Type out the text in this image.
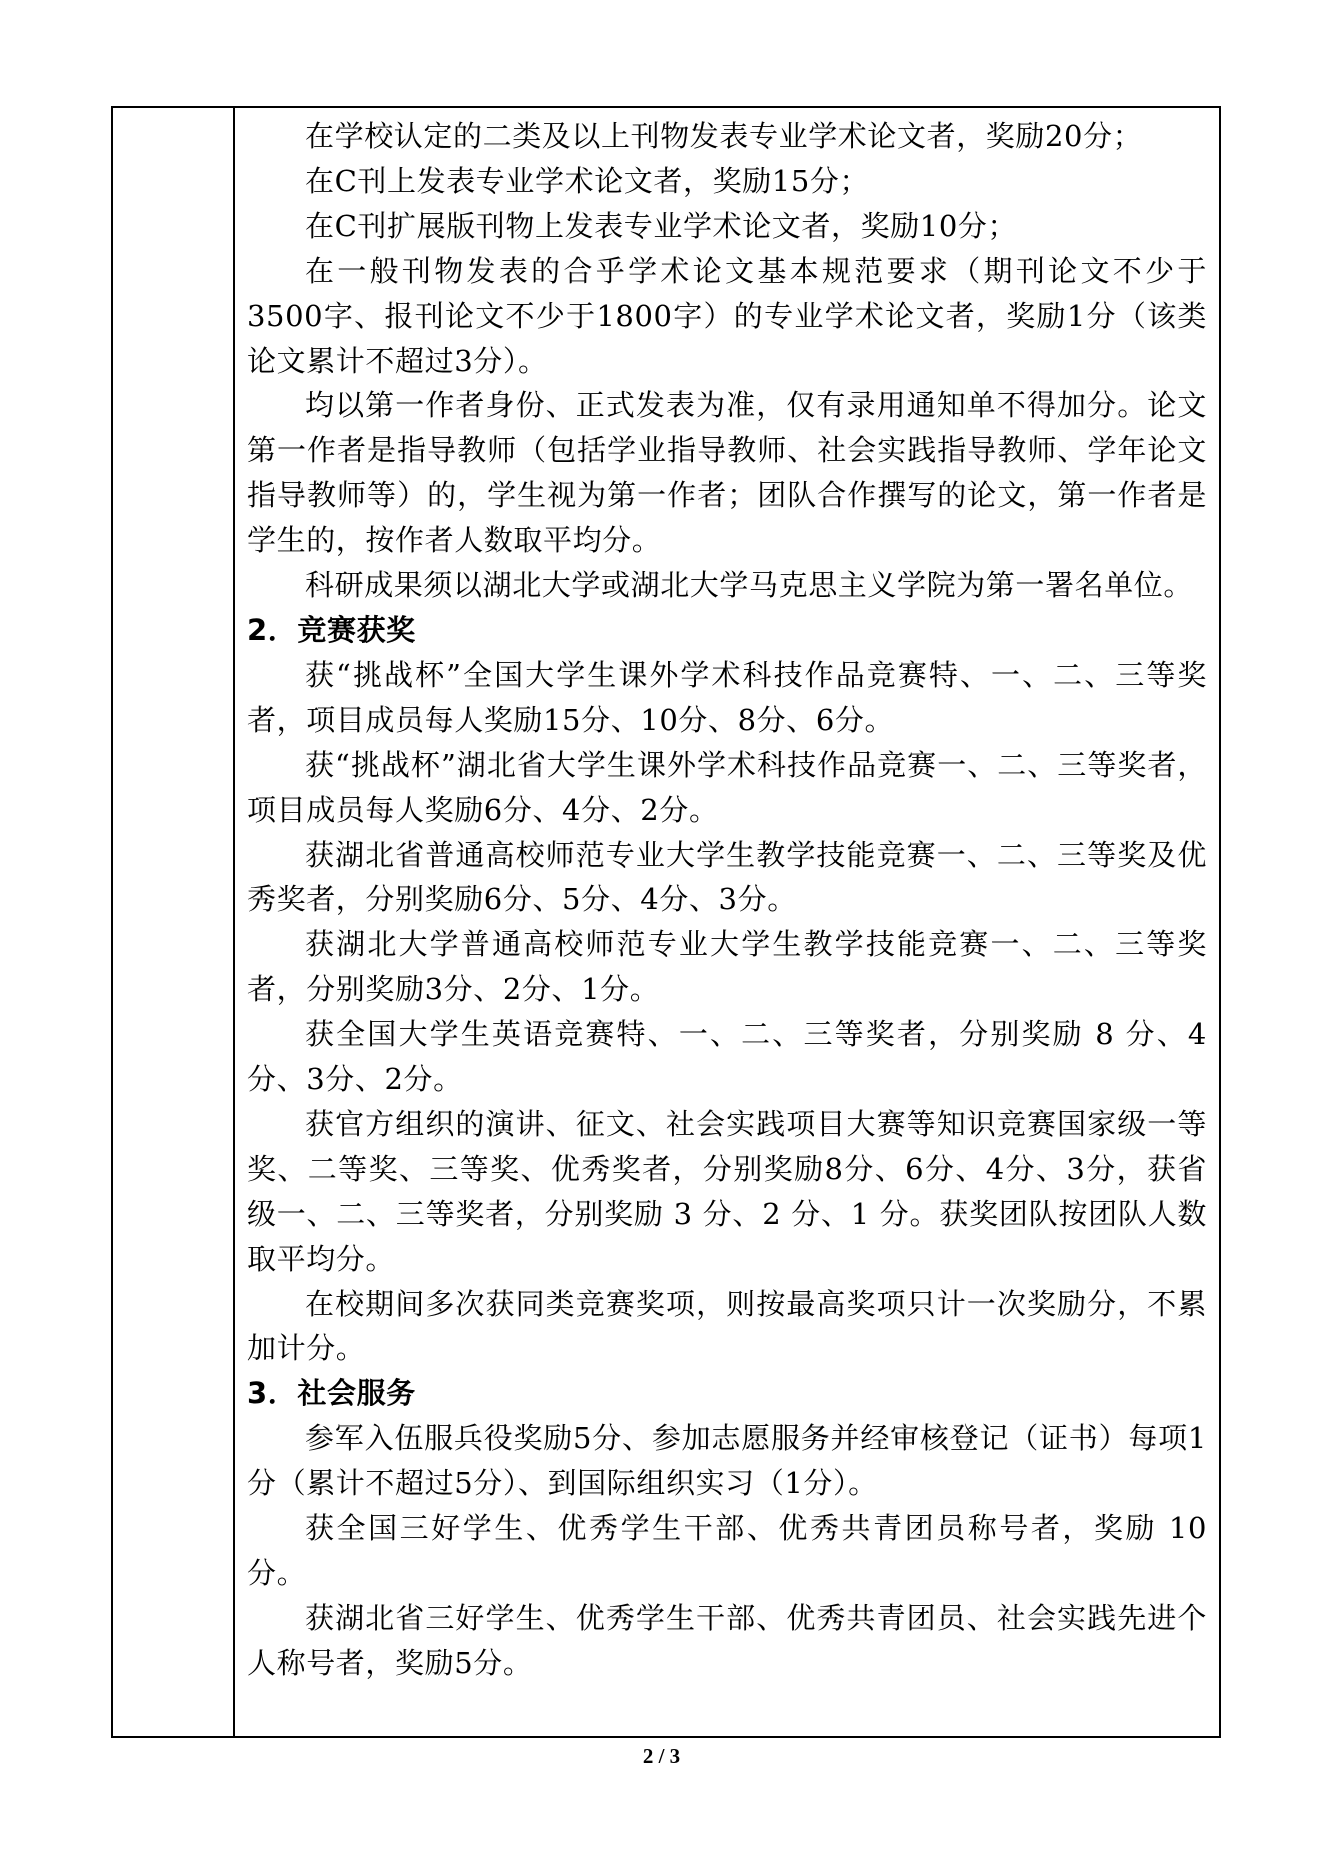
在学校认定的二类及以上刊物发表专业学术论文者，奖励20分；

在C刊上发表专业学术论文者，奖励15分；

在C刊扩展版刊物上发表专业学术论文者，奖励10分；

在一般刊物发表的合乎学术论文基本规范要求（期刊论文不少于3500字、报刊论文不少于1800字）的专业学术论文者，奖励1分（该类论文累计不超过3分）。

均以第一作者身份、正式发表为准，仅有录用通知单不得加分。论文第一作者是指导教师（包括学业指导教师、社会实践指导教师、学年论文指导教师等）的，学生视为第一作者；团队合作撰写的论文，第一作者是学生的，按作者人数取平均分。

科研成果须以湖北大学或湖北大学马克思主义学院为第一署名单位。

2．竞赛获奖

获“挑战杯”全国大学生课外学术科技作品竞赛特、一、二、三等奖者，项目成员每人奖励15分、10分、8分、6分。

获“挑战杯”湖北省大学生课外学术科技作品竞赛一、二、三等奖者，项目成员每人奖励6分、4分、2分。

获湖北省普通高校师范专业大学生教学技能竞赛一、二、三等奖及优秀奖者，分别奖励6分、5分、4分、3分。

获湖北大学普通高校师范专业大学生教学技能竞赛一、二、三等奖者，分别奖励3分、2分、1分。

获全国大学生英语竞赛特、一、二、三等奖者，分别奖励 8 分、4分、3分、2分。

获官方组织的演讲、征文、社会实践项目大赛等知识竞赛国家级一等奖、二等奖、三等奖、优秀奖者，分别奖励8分、6分、4分、3分，获省级一、二、三等奖者，分别奖励 3 分、2 分、1 分。获奖团队按团队人数取平均分。

在校期间多次获同类竞赛奖项，则按最高奖项只计一次奖励分，不累加计分。

3．社会服务

参军入伍服兵役奖励5分、参加志愿服务并经审核登记（证书）每项1分（累计不超过5分）、到国际组织实习（1分）。

获全国三好学生、优秀学生干部、优秀共青团员称号者，奖励 10分。

获湖北省三好学生、优秀学生干部、优秀共青团员、社会实践先进个人称号者，奖励5分。

2 / 3
